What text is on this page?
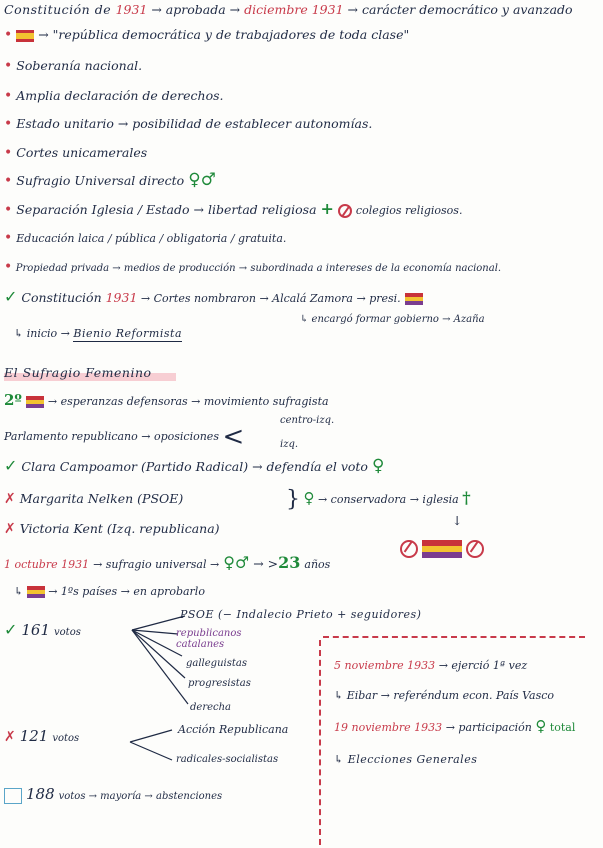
Constitución de 1931 → aprobada → diciembre 1931 → carácter democrático y avanzado
•  → "república democrática y de trabajadores de toda clase"
• Soberanía nacional.
• Amplia declaración de derechos.
• Estado unitario → posibilidad de establecer autonomías.
• Cortes unicamerales
• Sufragio Universal directo ♀♂
• Separación Iglesia / Estado → libertad religiosa + colegios religiosos.
• Educación laica / pública / obligatoria / gratuita.
• Propiedad privada → medios de producción → subordinada a intereses de la economía nacional.
✓ Constitución 1931 → Cortes nombraron → Alcalá Zamora → presi.
↳ inicio → Bienio Reformista
↳ encargó formar gobierno → Azaña
El Sufragio Femenino
2º → esperanzas defensoras → movimiento sufragista
Parlamento republicano → oposiciones <
centro-izq.
izq.
✓ Clara Campoamor (Partido Radical) → defendía el voto ♀
✗ Margarita Nelken (PSOE)	} ♀ → conservadora → iglesia †
✗ Victoria Kent (Izq. republicana)
↓

1 octubre 1931 → sufragio universal → ♀♂ → >23 años
↳ → 1ºs países → en aprobarlo
✓ 161 votos
PSOE (− Indalecio Prieto + seguidores)
republicanos catalanes
galleguistas
progresistas
derecha
✗ 121 votos
Acción Republicana
radicales-socialistas
188 votos → mayoría → abstenciones
5 noviembre 1933 → ejerció 1ª vez
↳ Eibar → referéndum econ. País Vasco
19 noviembre 1933 → participación ♀ total
↳ Elecciones Generales
